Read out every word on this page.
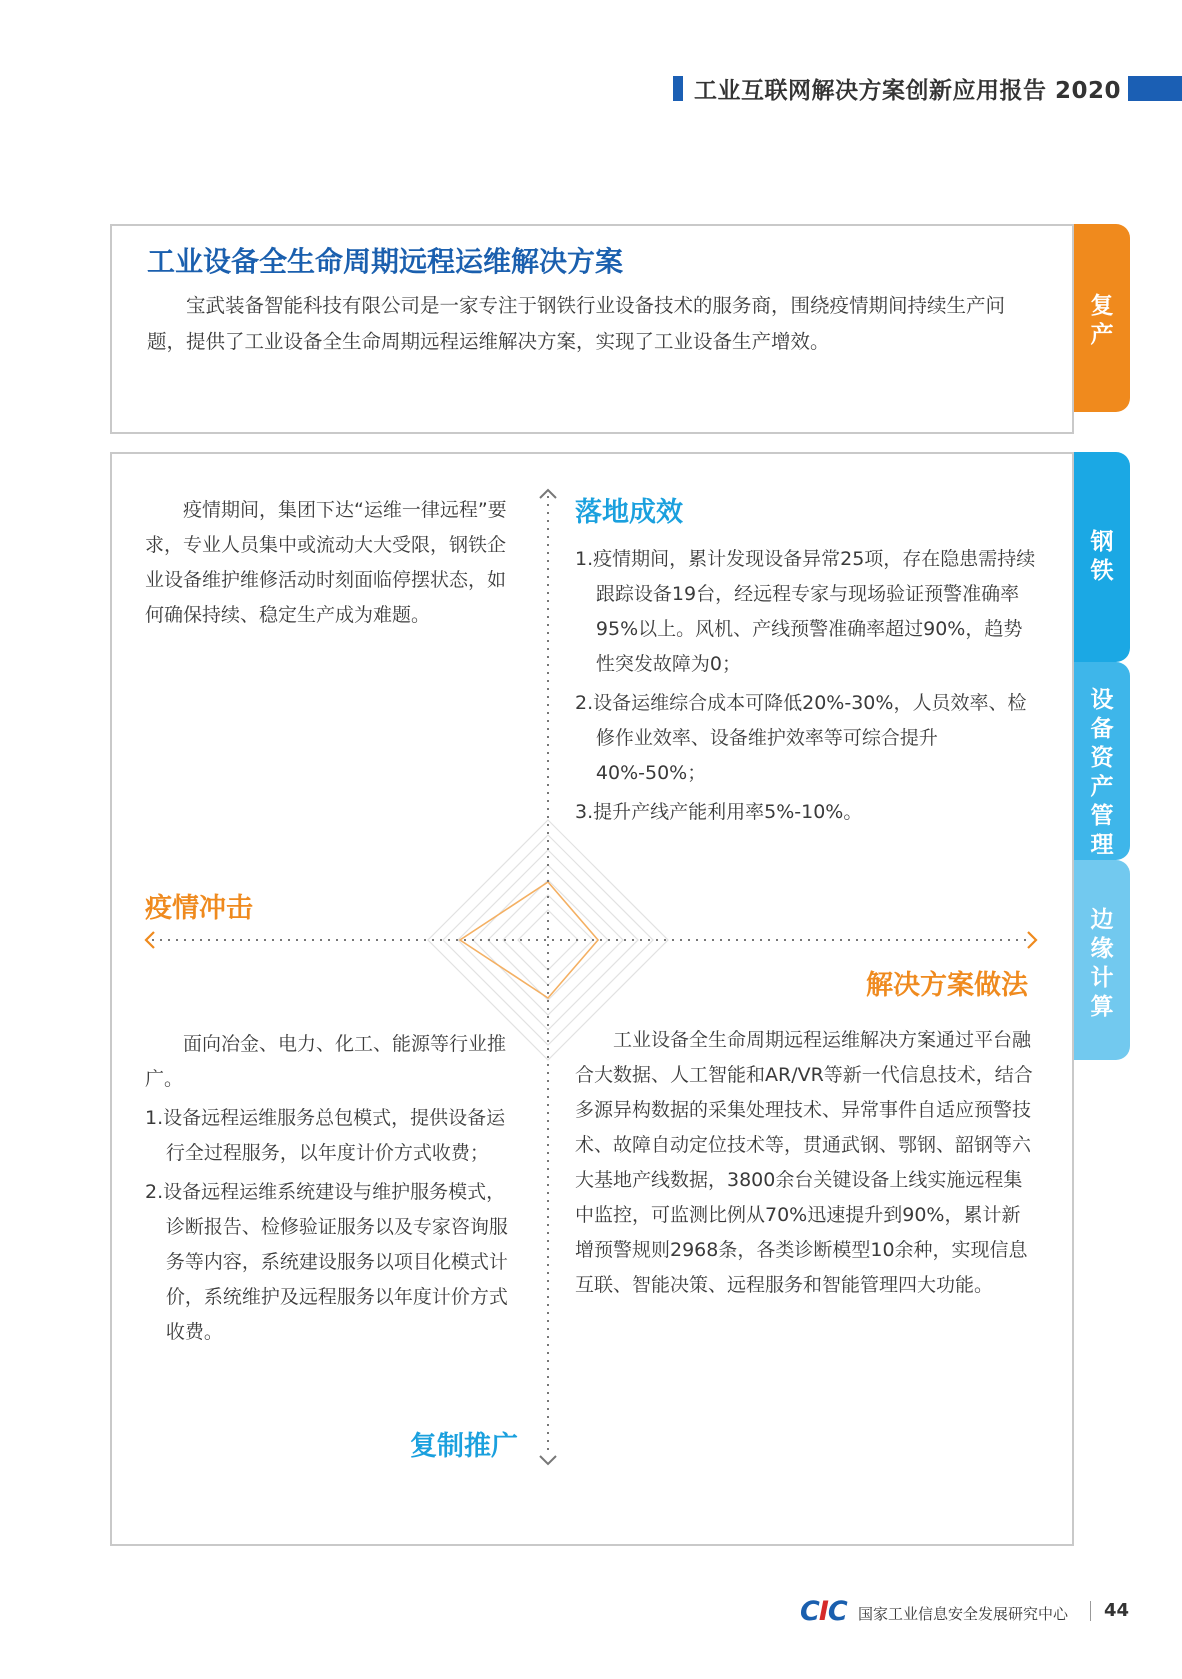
工业互联网解决方案创新应用报告 2020
工业设备全生命周期远程运维解决方案
宝武装备智能科技有限公司是一家专注于钢铁行业设备技术的服务商，围绕疫情期间持续生产问题，提供了工业设备全生命周期远程运维解决方案，实现了工业设备生产增效。
疫情期间，集团下达“运维一律远程”要求，专业人员集中或流动大大受限，钢铁企业设备维护维修活动时刻面临停摆状态，如何确保持续、稳定生产成为难题。
疫情冲击
落地成效
1.疫情期间，累计发现设备异常25项，存在隐患需持续跟踪设备19台，经远程专家与现场验证预警准确率95%以上。风机、产线预警准确率超过90%，趋势性突发故障为0；
2.设备运维综合成本可降低20%-30%，人员效率、检修作业效率、设备维护效率等可综合提升40%-50%；
3.提升产线产能利用率5%-10%。
解决方案做法
工业设备全生命周期远程运维解决方案通过平台融合大数据、人工智能和AR/VR等新一代信息技术，结合多源异构数据的采集处理技术、异常事件自适应预警技术、故障自动定位技术等，贯通武钢、鄂钢、韶钢等六大基地产线数据，3800余台关键设备上线实施远程集中监控，可监测比例从70%迅速提升到90%，累计新增预警规则2968条，各类诊断模型10余种，实现信息互联、智能决策、远程服务和智能管理四大功能。
面向冶金、电力、化工、能源等行业推广。
1.设备远程运维服务总包模式，提供设备运行全过程服务，以年度计价方式收费；
2.设备远程运维系统建设与维护服务模式，诊断报告、检修验证服务以及专家咨询服务等内容，系统建设服务以项目化模式计价，系统维护及远程服务以年度计价方式收费。
复制推广
复
产
钢
铁
设
备
资
产
管
理
边
缘
计
算
CIC 国家工业信息安全发展研究中心 44
